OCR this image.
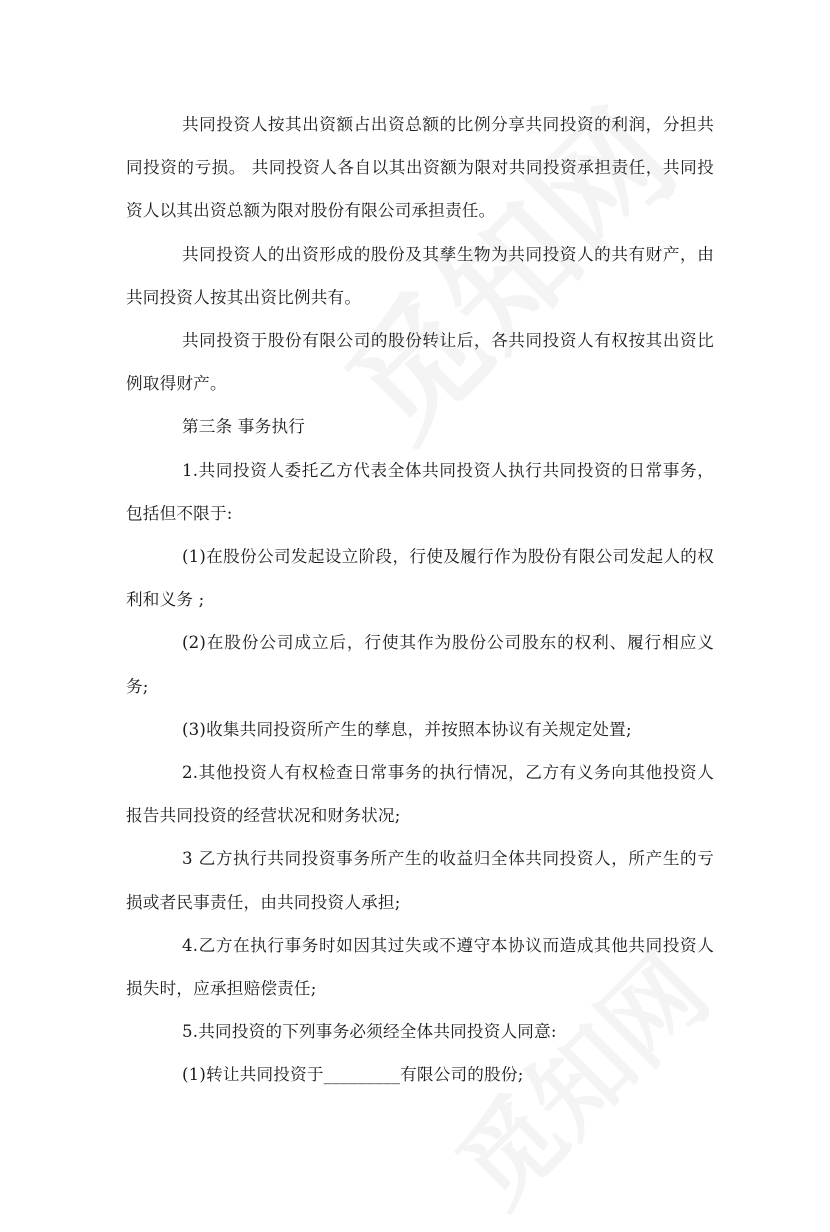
共同投资人按其出资额占出资总额的比例分享共同投资的利润，分担共同投资的亏损。 共同投资人各自以其出资额为限对共同投资承担责任，共同投资人以其出资总额为限对股份有限公司承担责任。

共同投资人的出资形成的股份及其孳生物为共同投资人的共有财产，由共同投资人按其出资比例共有。

共同投资于股份有限公司的股份转让后，各共同投资人有权按其出资比例取得财产。

第三条 事务执行

1.共同投资人委托乙方代表全体共同投资人执行共同投资的日常事务，包括但不限于:

(1)在股份公司发起设立阶段，行使及履行作为股份有限公司发起人的权利和义务 ;

(2)在股份公司成立后，行使其作为股份公司股东的权利、履行相应义务;

(3)收集共同投资所产生的孳息，并按照本协议有关规定处置;

2.其他投资人有权检查日常事务的执行情况，乙方有义务向其他投资人报告共同投资的经营状况和财务状况;

3 乙方执行共同投资事务所产生的收益归全体共同投资人，所产生的亏损或者民事责任，由共同投资人承担;

4.乙方在执行事务时如因其过失或不遵守本协议而造成其他共同投资人损失时，应承担赔偿责任;

5.共同投资的下列事务必须经全体共同投资人同意:

(1)转让共同投资于_________有限公司的股份;
